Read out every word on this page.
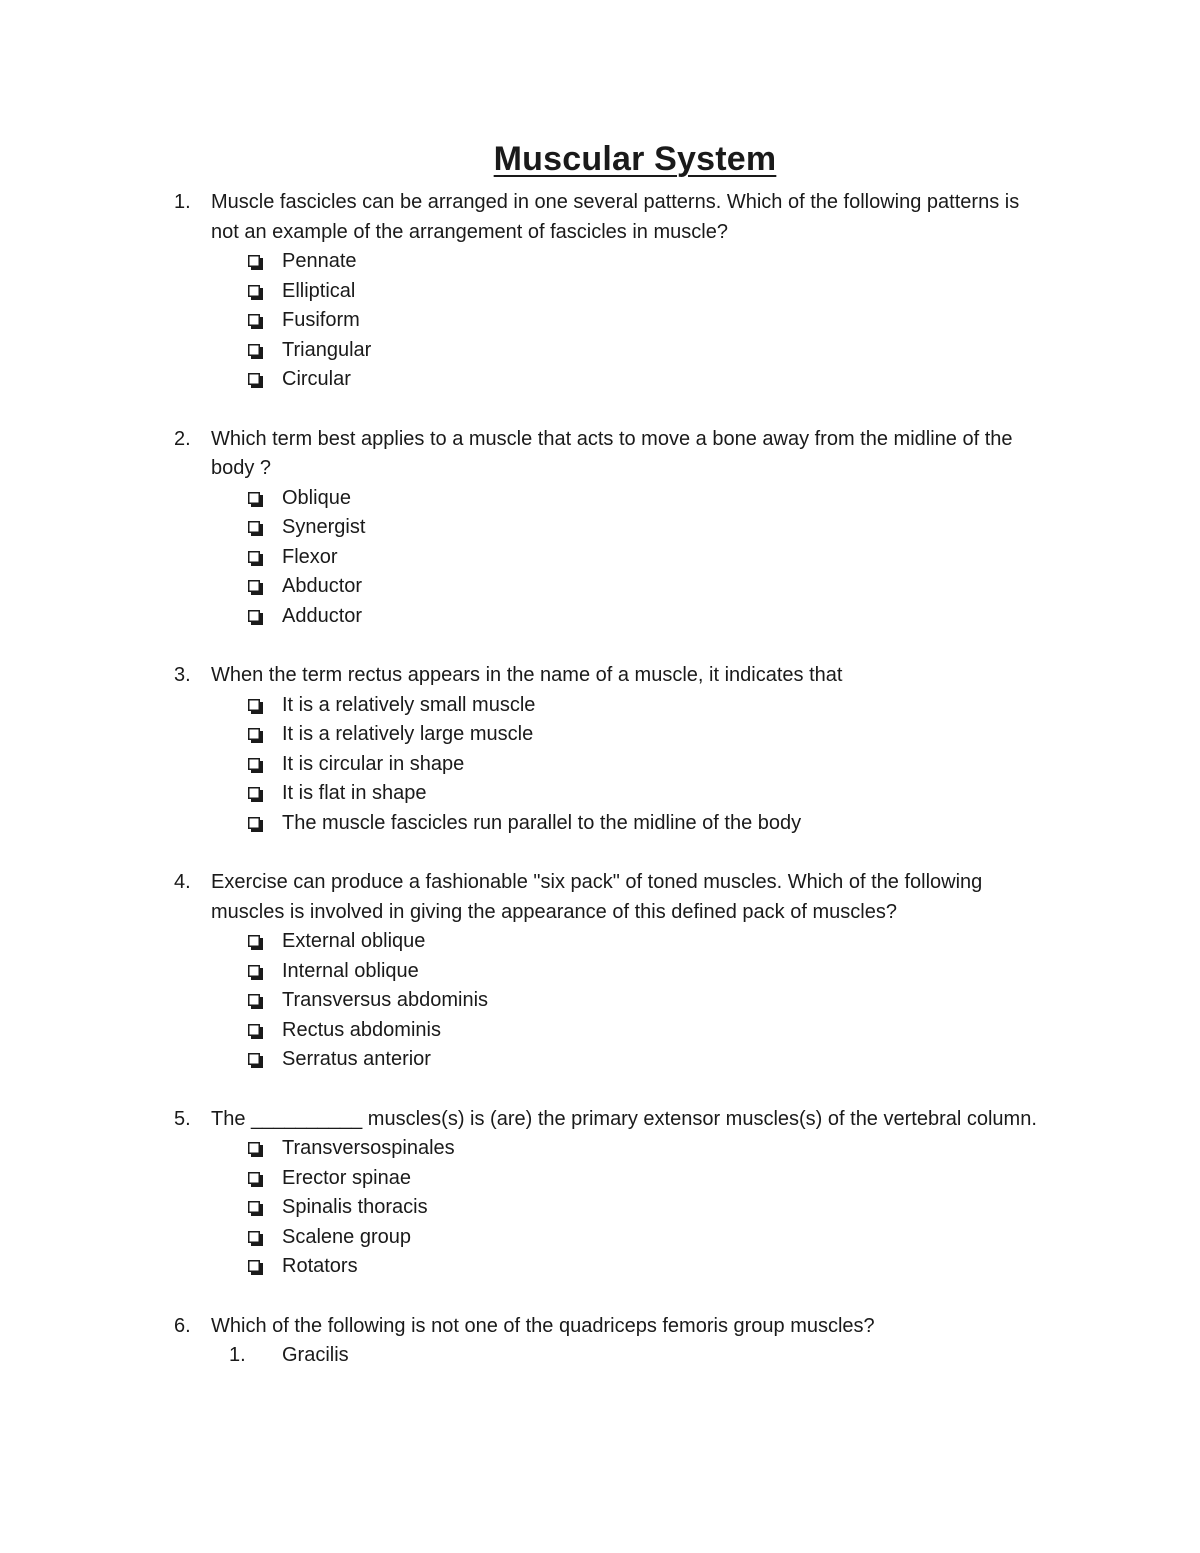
Muscular System
1. Muscle fascicles can be arranged in one several patterns. Which of the following patterns is not an example of the arrangement of fascicles in muscle?
Pennate
Elliptical
Fusiform
Triangular
Circular
2. Which term best applies to a muscle that acts to move a bone away from the midline of the body ?
Oblique
Synergist
Flexor
Abductor
Adductor
3. When the term rectus appears in the name of a muscle, it indicates that
It is a relatively small muscle
It is a relatively large muscle
It is circular in shape
It is flat in shape
The muscle fascicles run parallel to the midline of the body
4. Exercise can produce a fashionable "six pack" of toned muscles. Which of the following muscles is involved in giving the appearance of this defined pack of muscles?
External oblique
Internal oblique
Transversus abdominis
Rectus abdominis
Serratus anterior
5. The __________ muscles(s) is (are) the primary extensor muscles(s) of the vertebral column.
Transversospinales
Erector spinae
Spinalis thoracis
Scalene group
Rotators
6. Which of the following is not one of the quadriceps femoris group muscles?
1. Gracilis
